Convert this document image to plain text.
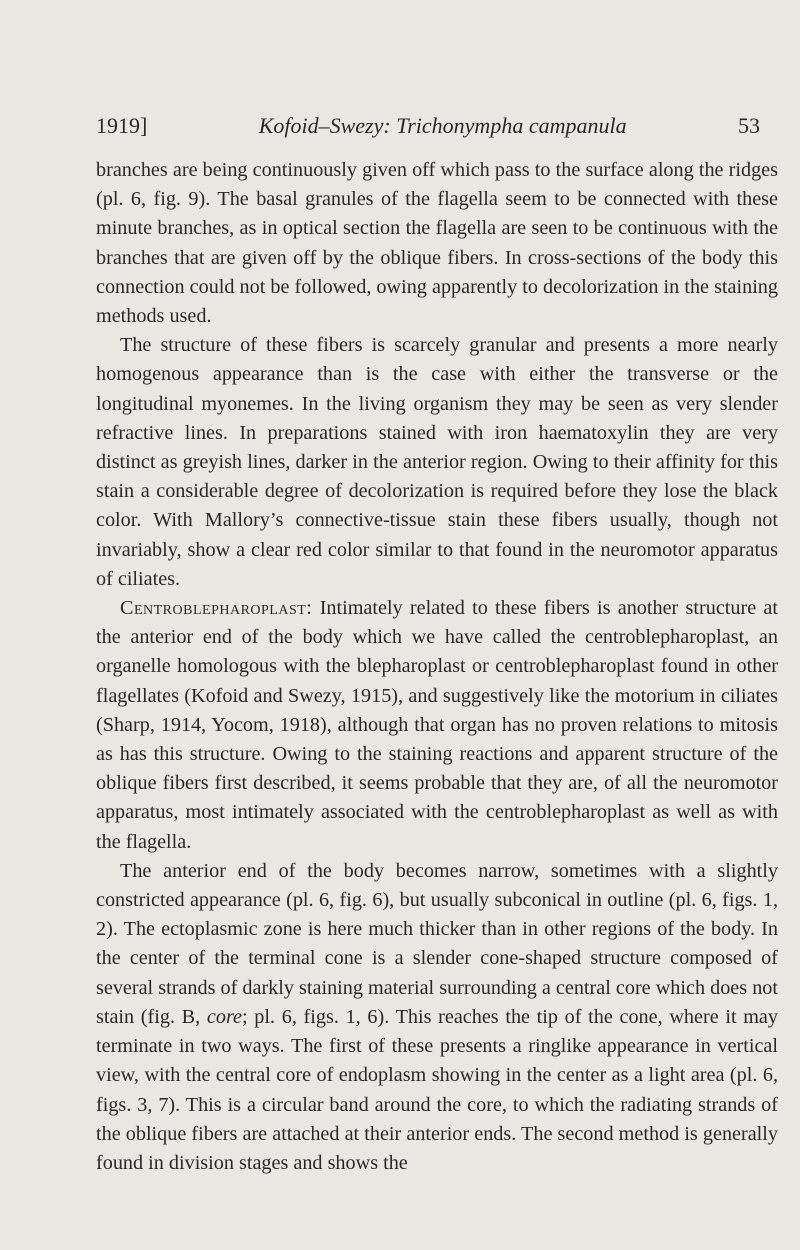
1919]	Kofoid–Swezy: Trichonympha campanula	53

branches are being continuously given off which pass to the surface along the ridges (pl. 6, fig. 9). The basal granules of the flagella seem to be connected with these minute branches, as in optical section the flagella are seen to be continuous with the branches that are given off by the oblique fibers. In cross-sections of the body this connection could not be followed, owing apparently to decolorization in the staining methods used.

The structure of these fibers is scarcely granular and presents a more nearly homogenous appearance than is the case with either the transverse or the longitudinal myonemes. In the living organism they may be seen as very slender refractive lines. In preparations stained with iron haematoxylin they are very distinct as greyish lines, darker in the anterior region. Owing to their affinity for this stain a considerable degree of decolorization is required before they lose the black color. With Mallory’s connective-tissue stain these fibers usually, though not invariably, show a clear red color similar to that found in the neuromotor apparatus of ciliates.

Centroblepharoplast: Intimately related to these fibers is another structure at the anterior end of the body which we have called the centroblepharoplast, an organelle homologous with the blepharoplast or centroblepharoplast found in other flagellates (Kofoid and Swezy, 1915), and suggestively like the motorium in ciliates (Sharp, 1914, Yocom, 1918), although that organ has no proven relations to mitosis as has this structure. Owing to the staining reactions and apparent structure of the oblique fibers first described, it seems probable that they are, of all the neuromotor apparatus, most intimately associated with the centroblepharoplast as well as with the flagella.

The anterior end of the body becomes narrow, sometimes with a slightly constricted appearance (pl. 6, fig. 6), but usually subconical in outline (pl. 6, figs. 1, 2). The ectoplasmic zone is here much thicker than in other regions of the body. In the center of the terminal cone is a slender cone-shaped structure composed of several strands of darkly staining material surrounding a central core which does not stain (fig. B, core; pl. 6, figs. 1, 6). This reaches the tip of the cone, where it may terminate in two ways. The first of these presents a ringlike appearance in vertical view, with the central core of endoplasm showing in the center as a light area (pl. 6, figs. 3, 7). This is a circular band around the core, to which the radiating strands of the oblique fibers are attached at their anterior ends. The second method is generally found in division stages and shows the
